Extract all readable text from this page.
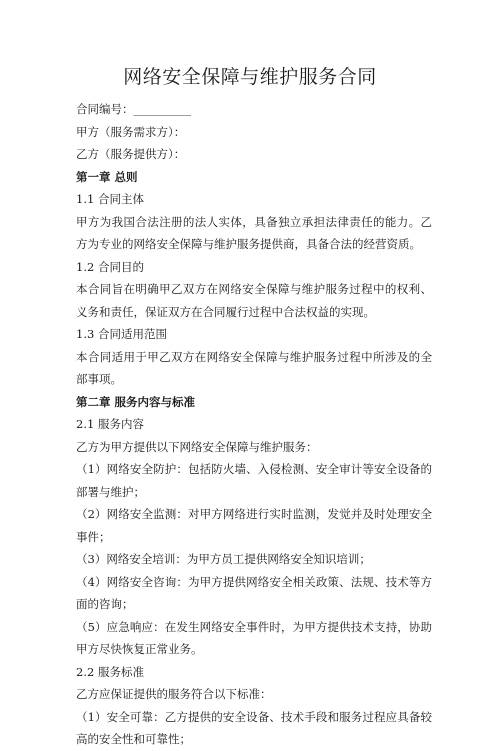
网络安全保障与维护服务合同

合同编号：__________

甲方（服务需求方）：

乙方（服务提供方）：

第一章 总则

1.1 合同主体

甲方为我国合法注册的法人实体，具备独立承担法律责任的能力。乙方为专业的网络安全保障与维护服务提供商，具备合法的经营资质。

1.2 合同目的

本合同旨在明确甲乙双方在网络安全保障与维护服务过程中的权利、义务和责任，保证双方在合同履行过程中合法权益的实现。

1.3 合同适用范围

本合同适用于甲乙双方在网络安全保障与维护服务过程中所涉及的全部事项。

第二章 服务内容与标准

2.1 服务内容

乙方为甲方提供以下网络安全保障与维护服务：

（1）网络安全防护：包括防火墙、入侵检测、安全审计等安全设备的部署与维护；

（2）网络安全监测：对甲方网络进行实时监测，发觉并及时处理安全事件；

（3）网络安全培训：为甲方员工提供网络安全知识培训；

（4）网络安全咨询：为甲方提供网络安全相关政策、法规、技术等方面的咨询；

（5）应急响应：在发生网络安全事件时，为甲方提供技术支持，协助甲方尽快恢复正常业务。

2.2 服务标准

乙方应保证提供的服务符合以下标准：

（1）安全可靠：乙方提供的安全设备、技术手段和服务过程应具备较高的安全性和可靠性；
